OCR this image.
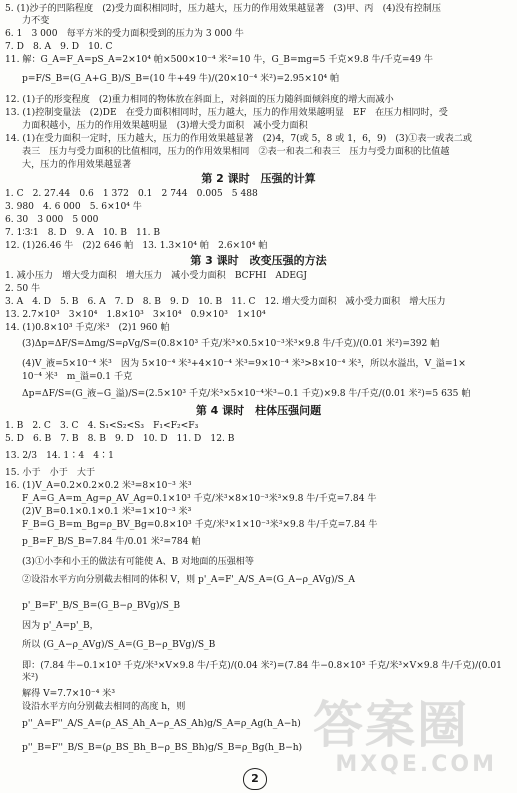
5. (1)沙子的凹陷程度　(2)受力面积相同时，压力越大，压力的作用效果越显著　(3)甲、丙　(4)没有控制压
力不变
6. 1　3 000　每平方米的受力面积受到的压力为 3 000 牛
7. D　8. A　9. D　10. C
11. 解：G_A=F_A=pS_A=2×10⁴ 帕×500×10⁻⁴ 米²=10 牛，G_B=mg=5 千克×9.8 牛/千克=49 牛
p=F/S_B=(G_A+G_B)/S_B=(10 牛+49 牛)/(20×10⁻⁴ 米²)=2.95×10⁴ 帕
12. (1)子的形变程度　(2)重力相同的物体放在斜面上，对斜面的压力随斜面倾斜度的增大而减小
13. (1)控制变量法　(2)DE　在受力面积相同时，压力越大，压力的作用效果越明显　EF　在压力相同时，受
力面积越小，压力的作用效果越明显　(3)增大受力面积　减小受力面积
14. (1)在受力面积一定时，压力越大，压力的作用效果越显著　(2)4，7(或 5，8 或 1，6，9)　(3)①表一或表二或
表三　压力与受力面积的比值相同，压力的作用效果相同　②表一和表二和表三　压力与受力面积的比值越
大，压力的作用效果越显著
第 2 课时　压强的计算
1. C　2. 27.44　0.6　1 372　0.1　2 744　0.005　5 488
3. 980　4. 6 000　5. 6×10⁴ 牛
6. 30　3 000　5 000
7. 1∶3∶1　8. D　9. A　10. B　11. B
12. (1)26.46 牛　(2)2 646 帕　13. 1.3×10⁴ 帕　2.6×10⁴ 帕
第 3 课时　改变压强的方法
1. 减小压力　增大受力面积　增大压力　减小受力面积　BCFHI　ADEGJ
2. 50 牛
3. A　4. D　5. B　6. A　7. D　8. B　9. D　10. B　11. C　12. 增大受力面积　减小受力面积　增大压力
13. 2.7×10³　3×10⁴　1.8×10³　3×10⁴　0.9×10³　1×10⁴
14. (1)0.8×10³ 千克/米³　(2)1 960 帕
(3)Δp=ΔF/S=Δmg/S=ρVg/S=(0.8×10³ 千克/米³×0.5×10⁻³米³×9.8 牛/千克)/(0.01 米²)=392 帕
(4)V_液=5×10⁻⁴ 米³　因为 5×10⁻⁴ 米³+4×10⁻⁴ 米³=9×10⁻⁴ 米³>8×10⁻⁴ 米³，所以水溢出，V_溢=1×
10⁻⁴ 米³　m_溢=0.1 千克
Δp=ΔF/S=(G_液−G_溢)/S=(2.5×10³ 千克/米³×5×10⁻⁴米³−0.1 千克)×9.8 牛/千克/(0.01 米²)=5 635 帕
第 4 课时　柱体压强问题
1. B　2. C　3. C　4. S₁<S₂<S₃　F₁<F₂<F₃
5. D　6. B　7. B　8. B　9. D　10. D　11. D　12. B
13. 2/3　14. 1∶4　4∶1
15. 小于　小于　大于
16. (1)V_A=0.2×0.2×0.2 米³=8×10⁻³ 米³
F_A=G_A=m_Ag=ρ_AV_Ag=0.1×10³ 千克/米³×8×10⁻³米³×9.8 牛/千克=7.84 牛
(2)V_B=0.1×0.1×0.1 米³=1×10⁻³ 米³
F_B=G_B=m_Bg=ρ_BV_Bg=0.8×10³ 千克/米³×1×10⁻³米³×9.8 牛/千克=7.84 牛
p_B=F_B/S_B=7.84 牛/0.01 米²=784 帕
(3)①小李和小王的做法有可能使 A、B 对地面的压强相等
②设沿水平方向分别截去相同的体积 V，则 p'_A=F'_A/S_A=(G_A−ρ_AVg)/S_A
p'_B=F'_B/S_B=(G_B−ρ_BVg)/S_B
因为 p'_A=p'_B，
所以 (G_A−ρ_AVg)/S_A=(G_B−ρ_BVg)/S_B
即：(7.84 牛−0.1×10³ 千克/米³×V×9.8 牛/千克)/(0.04 米²)=(7.84 牛−0.8×10³ 千克/米³×V×9.8 牛/千克)/(0.01 米²)
解得 V=7.7×10⁻⁴ 米³
设沿水平方向分别截去相同的高度 h，则
p''_A=F''_A/S_A=(ρ_AS_Ah_A−ρ_AS_Ah)g/S_A=ρ_Ag(h_A−h)
p''_B=F''_B/S_B=(ρ_BS_Bh_B−ρ_BS_Bh)g/S_B=ρ_Bg(h_B−h)
2
答案圈
MXQE.COM
